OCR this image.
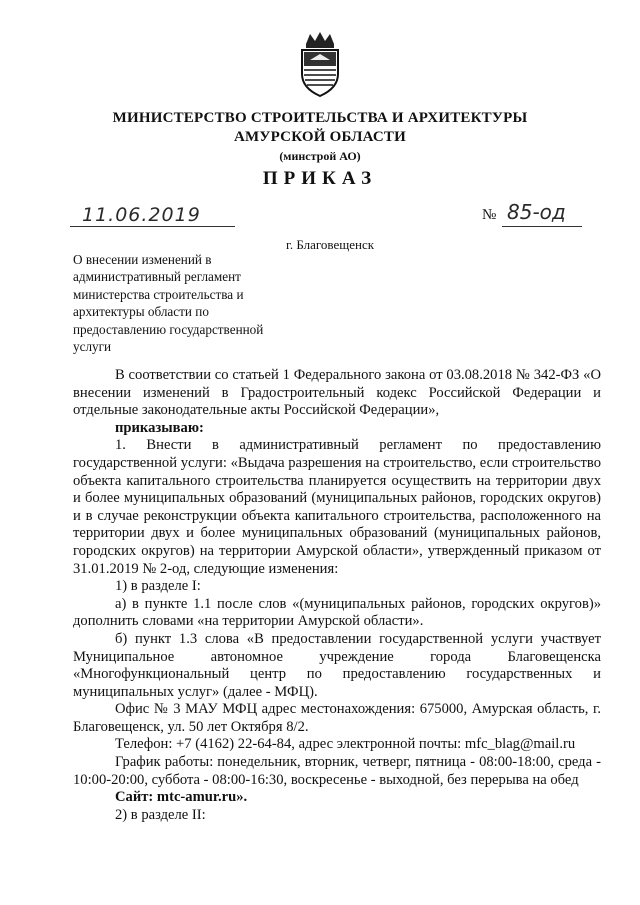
МИНИСТЕРСТВО СТРОИТЕЛЬСТВА И АРХИТЕКТУРЫ
АМУРСКОЙ ОБЛАСТИ
(минстрой АО)
ПРИКАЗ
11.06.2019	№ 85-од
г. Благовещенск
О внесении изменений в административный регламент министерства строительства и архитектуры области по предоставлению государственной услуги

В соответствии со статьей 1 Федерального закона от 03.08.2018 № 342-ФЗ «О внесении изменений в Градостроительный кодекс Российской Федерации и отдельные законодательные акты Российской Федерации»,

приказываю:

1. Внести в административный регламент по предоставлению государственной услуги: «Выдача разрешения на строительство, если строительство объекта капитального строительства планируется осуществить на территории двух и более муниципальных образований (муниципальных районов, городских округов) и в случае реконструкции объекта капитального строительства, расположенного на территории двух и более муниципальных образований (муниципальных районов, городских округов) на территории Амурской области», утвержденный приказом от 31.01.2019 № 2-од, следующие изменения:

1) в разделе I:

а) в пункте 1.1 после слов «(муниципальных районов, городских округов)» дополнить словами «на территории Амурской области».

б) пункт 1.3 слова «В предоставлении государственной услуги участвует Муниципальное автономное учреждение города Благовещенска «Многофункциональный центр по предоставлению государственных и муниципальных услуг» (далее - МФЦ).

Офис № 3 МАУ МФЦ адрес местонахождения: 675000, Амурская область, г. Благовещенск, ул. 50 лет Октября 8/2.

Телефон: +7 (4162) 22-64-84, адрес электронной почты: mfc_blag@mail.ru

График работы: понедельник, вторник, четверг, пятница - 08:00-18:00, среда - 10:00-20:00, суббота - 08:00-16:30, воскресенье - выходной, без перерыва на обед

Сайт: mtc-amur.ru».

2) в разделе II:
